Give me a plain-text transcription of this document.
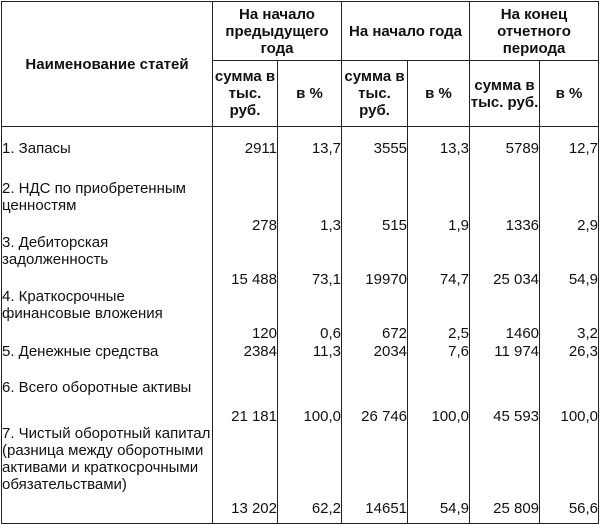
Наименование статей	На начало предыдущего года		На начало года		На конец отчетного периода	
	сумма в тыс. руб.	в %	сумма в тыс. руб.	в %	сумма в тыс. руб.	в %
1. Запасы	2911	13,7	3555	13,3	5789	12,7
2. НДС по приобретенным ценностям	278	1,3	515	1,9	1336	2,9
3. Дебиторская задолженность	15 488	73,1	19970	74,7	25 034	54,9
4. Краткосрочные финансовые вложения	120	0,6	672	2,5	1460	3,2
5. Денежные средства	2384	11,3	2034	7,6	11 974	26,3
6. Всего оборотные активы	21 181	100,0	26 746	100,0	45 593	100,0
7. Чистый оборотный капитал (разница между оборотными активами и краткосрочными обязательствами)	13 202	62,2	14651	54,9	25 809	56,6
